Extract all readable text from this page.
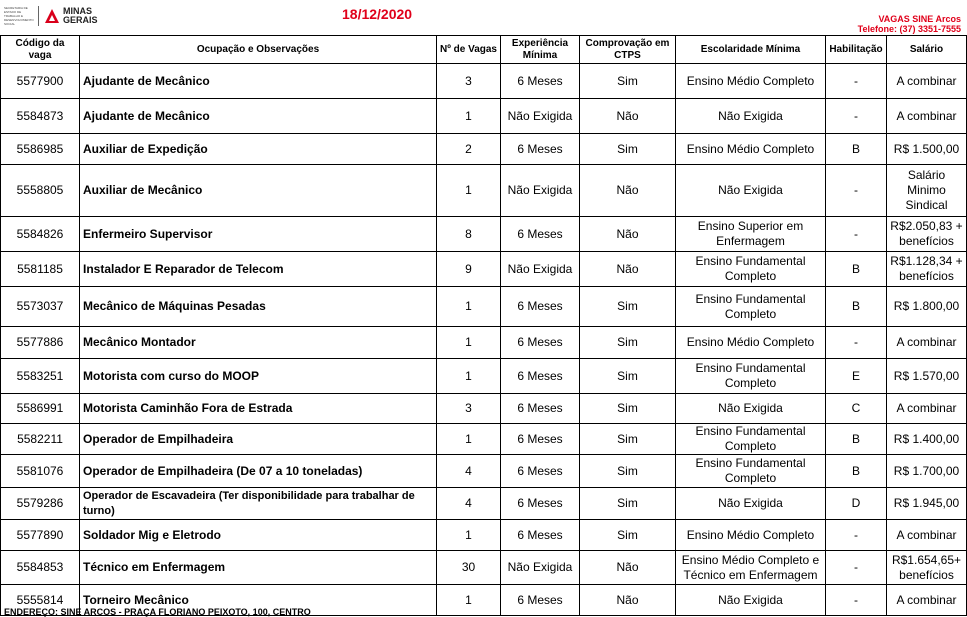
SECRETARIA DE ESTADO DE TRABALHO E DESENVOLVIMENTO SOCIAL
MINAS
GERAIS	18/12/2020	VAGAS SINE Arcos
Telefone: (37) 3351-7555
Código da vaga	Ocupação e Observações	Nº de Vagas	Experiência Mínima	Comprovação em CTPS	Escolaridade Mínima	Habilitação	Salário
5577900	Ajudante de Mecânico	3	6 Meses	Sim	Ensino Médio Completo	-	A combinar
5584873	Ajudante de Mecânico	1	Não Exigida	Não	Não Exigida	-	A combinar
5586985	Auxiliar de Expedição	2	6 Meses	Sim	Ensino Médio Completo	B	R$ 1.500,00
5558805	Auxiliar de Mecânico	1	Não Exigida	Não	Não Exigida	-	Salário Minimo Sindical
5584826	Enfermeiro Supervisor	8	6 Meses	Não	Ensino Superior em Enfermagem	-	R$2.050,83 + benefícios
5581185	Instalador E Reparador de Telecom	9	Não Exigida	Não	Ensino Fundamental Completo	B	R$1.128,34 + benefícios
5573037	Mecânico de Máquinas Pesadas	1	6 Meses	Sim	Ensino Fundamental Completo	B	R$ 1.800,00
5577886	Mecânico Montador	1	6 Meses	Sim	Ensino Médio Completo	-	A combinar
5583251	Motorista com curso do MOOP	1	6 Meses	Sim	Ensino Fundamental Completo	E	R$ 1.570,00
5586991	Motorista Caminhão Fora de Estrada	3	6 Meses	Sim	Não Exigida	C	A combinar
5582211	Operador de Empilhadeira	1	6 Meses	Sim	Ensino Fundamental Completo	B	R$ 1.400,00
5581076	Operador de Empilhadeira (De 07 a 10 toneladas)	4	6 Meses	Sim	Ensino Fundamental Completo	B	R$ 1.700,00
5579286	Operador de Escavadeira (Ter disponibilidade para trabalhar de turno)	4	6 Meses	Sim	Não Exigida	D	R$ 1.945,00
5577890	Soldador Mig e Eletrodo	1	6 Meses	Sim	Ensino Médio Completo	-	A combinar
5584853	Técnico em Enfermagem	30	Não Exigida	Não	Ensino Médio Completo e Técnico em Enfermagem	-	R$1.654,65+ benefícios
5555814	Torneiro Mecânico	1	6 Meses	Não	Não Exigida	-	A combinar
ENDEREÇO: SINE ARCOS - PRAÇA FLORIANO PEIXOTO, 100, CENTRO
